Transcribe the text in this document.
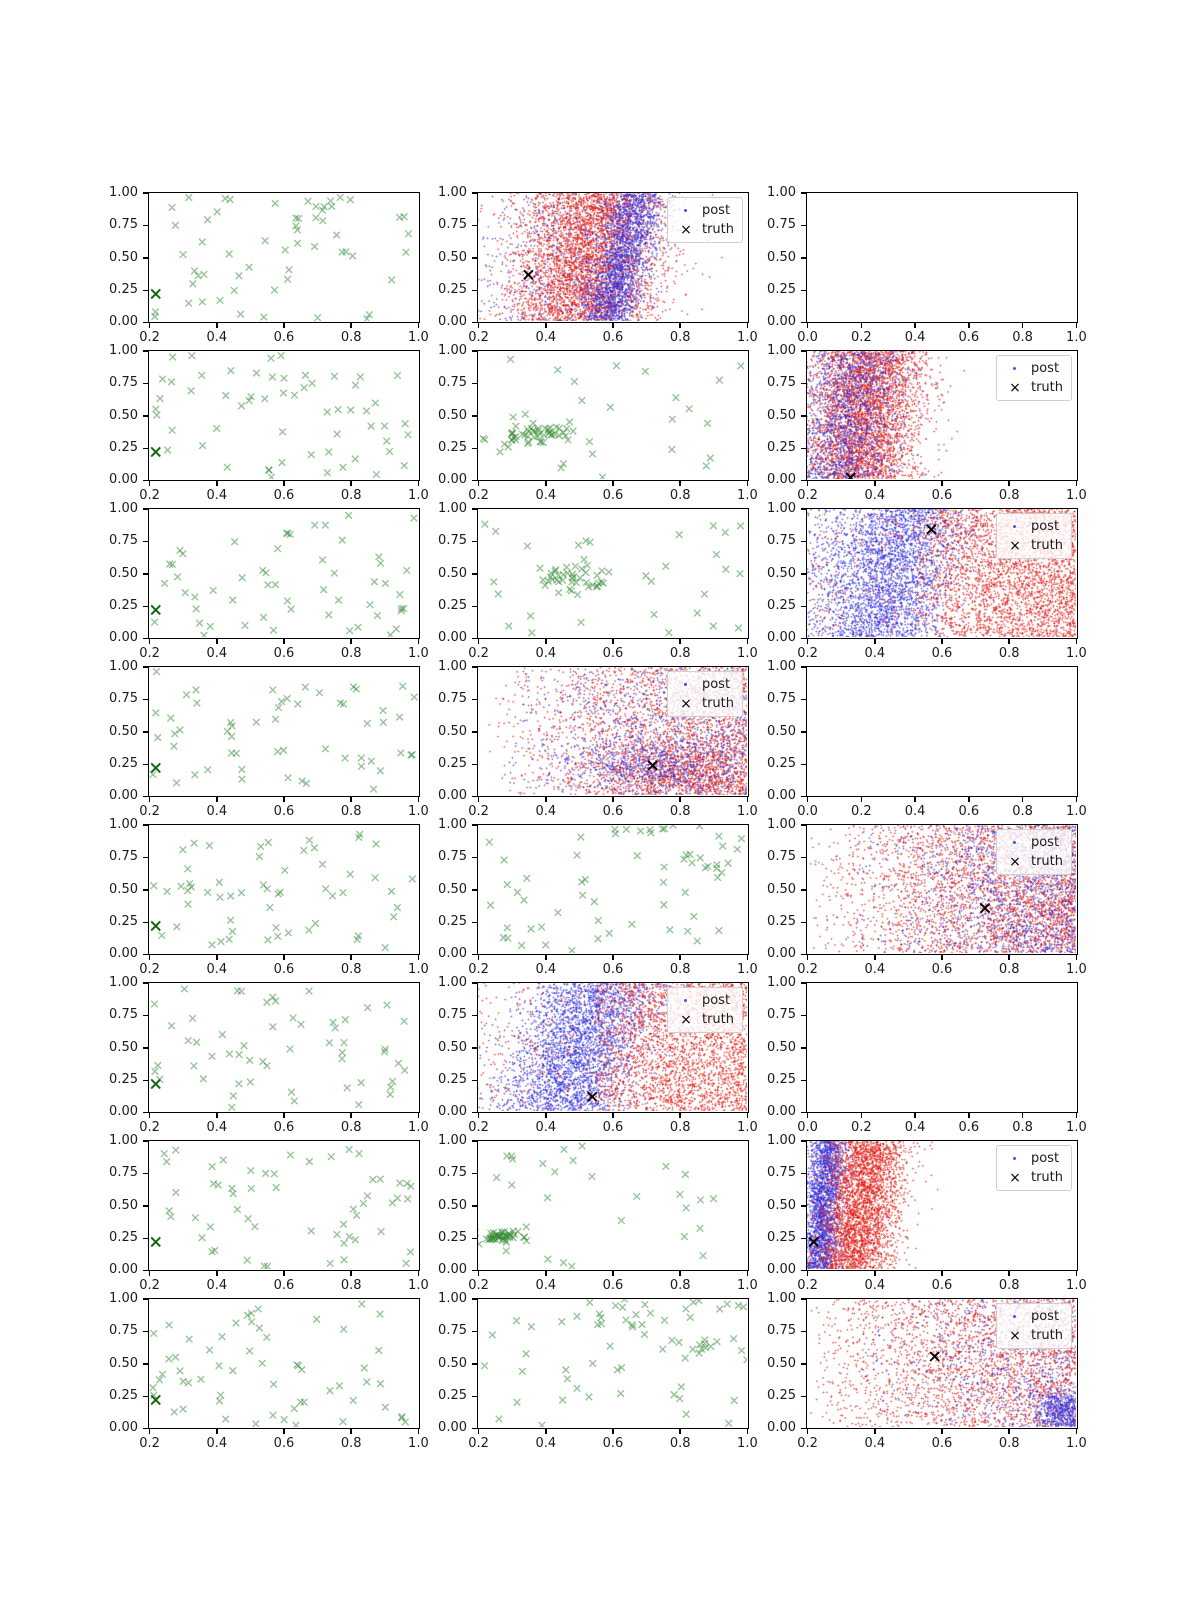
1.00
0.75
0.50
0.25
0.00
0.2	0.4	0.6	0.8	1.0
post
× truth
1.00
0.75
0.50
0.25
0.00
0.2	0.4	0.6	0.8	1.0
1.00
0.75
0.50
0.25
0.00
0.0	0.2	0.4	0.6	0.8	1.0
1.00
0.75
0.50
0.25
0.00
0.2	0.4	0.6	0.8	1.0
1.00
0.75
0.50
0.25
0.00
0.2	0.4	0.6	0.8	1.0
post
× truth
1.00
0.75
0.50
0.25
0.00
0.2	0.4	0.6	0.8	1.0
1.00
0.75
0.50
0.25
0.00
0.2	0.4	0.6	0.8	1.0
1.00
0.75
0.50
0.25
0.00
0.2	0.4	0.6	0.8	1.0
post
× truth
1.00
0.75
0.50
0.25
0.00
0.2	0.4	0.6	0.8	1.0
1.00
0.75
0.50
0.25
0.00
0.2	0.4	0.6	0.8	1.0
post
× truth
1.00
0.75
0.50
0.25
0.00
0.2	0.4	0.6	0.8	1.0
1.00
0.75
0.50
0.25
0.00
0.0	0.2	0.4	0.6	0.8	1.0
1.00
0.75
0.50
0.25
0.00
0.2	0.4	0.6	0.8	1.0
1.00
0.75
0.50
0.25
0.00
0.2	0.4	0.6	0.8	1.0
post
× truth
1.00
0.75
0.50
0.25
0.00
0.2	0.4	0.6	0.8	1.0
1.00
0.75
0.50
0.25
0.00
0.2	0.4	0.6	0.8	1.0
post
× truth
1.00
0.75
0.50
0.25
0.00
0.2	0.4	0.6	0.8	1.0
1.00
0.75
0.50
0.25
0.00
0.0	0.2	0.4	0.6	0.8	1.0
1.00
0.75
0.50
0.25
0.00
0.2	0.4	0.6	0.8	1.0
1.00
0.75
0.50
0.25
0.00
0.2	0.4	0.6	0.8	1.0
post
× truth
1.00
0.75
0.50
0.25
0.00
0.2	0.4	0.6	0.8	1.0
1.00
0.75
0.50
0.25
0.00
0.2	0.4	0.6	0.8	1.0
1.00
0.75
0.50
0.25
0.00
0.2	0.4	0.6	0.8	1.0
post
× truth
1.00
0.75
0.50
0.25
0.00
0.2	0.4	0.6	0.8	1.0
